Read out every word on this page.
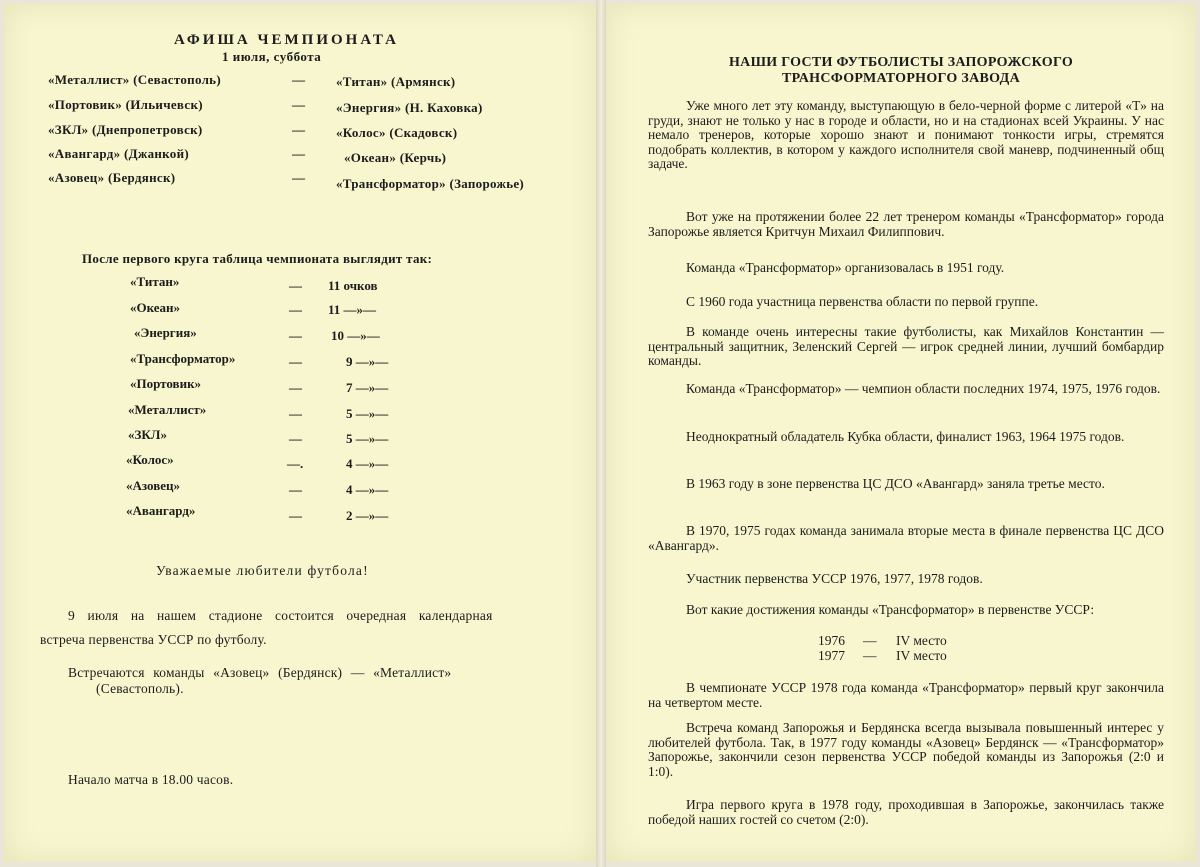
АФИША ЧЕМПИОНАТА
1 июля, суббота
«Металлист» (Севастополь)	— «Титан» (Армянск)
«Портовик» (Ильичевск)	— «Энергия» (Н. Каховка)
«ЗКЛ» (Днепропетровск)	— «Колос» (Скадовск)
«Авангард» (Джанкой)	—	«Океан» (Керчь)
«Азовец» (Бердянск)	— «Трансформатор» (Запорожье)
После первого круга таблица чемпионата выглядит так:
«Титан»	— 11 очков
«Океан»	— 11 —»—
«Энергия»	— 10 —»—
«Трансформатор»	—	9 —»—
«Портовик»	—	7 —»—
«Металлист»	—	5 —»—
«ЗКЛ»	—	5 —»—
«Колос»	—.	4 —»—
«Азовец»	—	4 —»—
«Авангард»	—	2 —»—
Уважаемые любители футбола!
9 июля на нашем стадионе состоится очередная календарная
встреча первенства УССР по футболу.
Встречаются команды «Азовец» (Бердянск) — «Металлист»
(Севастополь).
Начало матча в 18.00 часов.
НАШИ ГОСТИ ФУТБОЛИСТЫ ЗАПОРОЖСКОГО
ТРАНСФОРМАТОРНОГО ЗАВОДА
Уже много лет эту команду, выступающую в бело-черной форме с литерой «Т» на груди, знают не только у нас в городе и области, но и на стадионах всей Украины. У нас немало тренеров, которые хорошо знают и понимают тонкости игры, стремятся подобрать коллектив, в котором у каждого исполнителя свой маневр, подчиненный общ задаче.
Вот уже на протяжении более 22 лет тренером команды «Трансформатор» города Запорожье является Критчун Михаил Филиппович.
Команда «Трансформатор» организовалась в 1951 году.
С 1960 года участница первенства области по первой группе.
В команде очень интересны такие футболисты, как Михайлов Константин — центральный защитник, Зеленский Сергей — игрок средней линии, лучший бомбардир команды.
Команда «Трансформатор» — чемпион области последних 1974, 1975, 1976 годов.
Неоднократный обладатель Кубка области, финалист 1963, 1964 1975 годов.
В 1963 году в зоне первенства ЦС ДСО «Авангард» заняла третье место.
В 1970, 1975 годах команда занимала вторые места в финале первенства ЦС ДСО «Авангард».
Участник первенства УССР 1976, 1977, 1978 годов.
Вот какие достижения команды «Трансформатор» в первенстве УССР:
1976 — IV место
1977 — IV место
В чемпионате УССР 1978 года команда «Трансформатор» первый круг закончила на четвертом месте.
Встреча команд Запорожья и Бердянска всегда вызывала повышенный интерес у любителей футбола. Так, в 1977 году команды «Азовец» Бердянск — «Трансформатор» Запорожье, закончили сезон первенства УССР победой команды из Запорожья (2:0 и 1:0).
Игра первого круга в 1978 году, проходившая в Запорожье, закончилась также победой наших гостей со счетом (2:0).
